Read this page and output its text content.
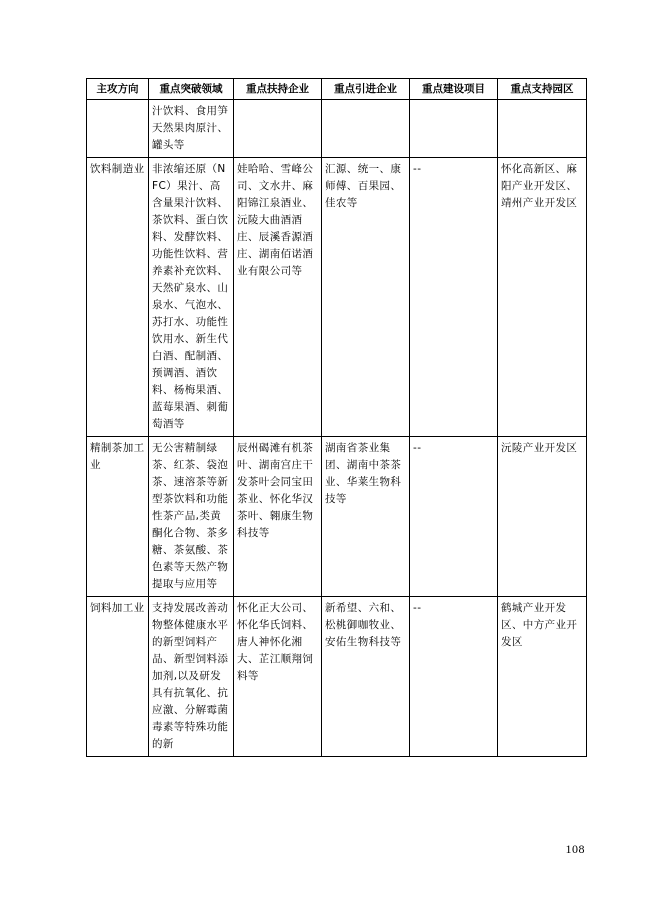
主攻方向	重点突破领域	重点扶持企业	重点引进企业	重点建设项目	重点支持园区
	汁饮料、食用笋天然果肉原汁、罐头等				
饮料制造业	非浓缩还原（NFC）果汁、高含量果汁饮料、茶饮料、蛋白饮料、发酵饮料、功能性饮料、营养素补充饮料、天然矿泉水、山泉水、气泡水、苏打水、功能性饮用水、新生代白酒、配制酒、预调酒、酒饮料、杨梅果酒、蓝莓果酒、刺葡萄酒等	娃哈哈、雪峰公司、文水井、麻阳锦江泉酒业、沅陵大曲酒酒庄、辰溪香源酒庄、湖南佰诺酒业有限公司等	汇源、统一、康师傅、百果园、佳农等	--	怀化高新区、麻阳产业开发区、靖州产业开发区
精制茶加工业	无公害精制绿茶、红茶、袋泡茶、速溶茶等新型茶饮料和功能性茶产品,类黄酮化合物、茶多糖、茶氨酸、茶色素等天然产物提取与应用等	辰州碣滩有机茶叶、湖南宫庄干发茶叶会同宝田茶业、怀化华汉茶叶、翱康生物科技等	湖南省茶业集团、湖南中茶茶业、华莱生物科技等	--	沅陵产业开发区
饲料加工业	支持发展改善动物整体健康水平的新型饲料产品、新型饲料添加剂,以及研发具有抗氧化、抗应激、分解霉菌毒素等特殊功能的新	怀化正大公司、怀化华氏饲料、唐人神怀化湘大、芷江顺翔饲料等	新希望、六和、松桃御咖牧业、安佑生物科技等	--	鹤城产业开发区、中方产业开发区
108
